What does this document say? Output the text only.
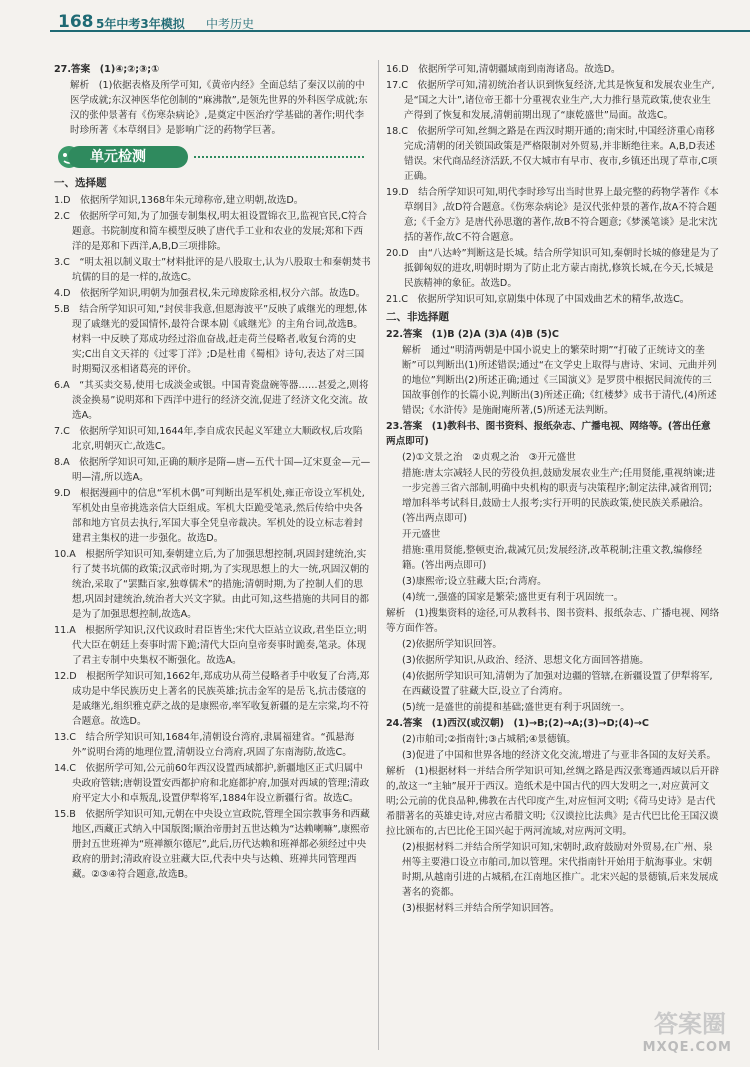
168 5年中考3年模拟 中考历史

27.答案　(1)④;②;③;①

解析　(1)依据表格及所学可知,《黄帝内经》全面总结了秦汉以前的中医学成就;东汉神医华佗创制的“麻沸散”,是领先世界的外科医学成就;东汉的张仲景著有《伤寒杂病论》,是奠定中医治疗学基础的著作;明代李时珍所著《本草纲目》是影响广泛的药物学巨著。

单元检测

一、选择题

1.D　依据所学知识,1368年朱元璋称帝,建立明朝,故选D。

2.C　依据所学可知,为了加强专制集权,明太祖设置锦衣卫,监视官民,C符合题意。书院制度和简车模型反映了唐代手工业和农业的发展;郑和下西洋的是郑和下西洋,A,B,D三项排除。

3.C　“明太祖以制义取士”材料批评的是八股取士,认为八股取士和秦朝焚书坑儒的目的是一样的,故选C。

4.D　依据所学知识,明朝为加强君权,朱元璋废除丞相,权分六部。故选D。

5.B　结合所学知识可知,“封侯非我意,但愿海波平”反映了戚继光的理想,体现了戚继光的爱国情怀,最符合课本剧《戚继光》的主角台词,故选B。材料一中反映了郑成功经过浴血奋战,赶走荷兰侵略者,收复台湾的史实;C出自文天祥的《过零丁洋》;D是杜甫《蜀相》诗句,表达了对三国时期蜀汉丞相诸葛亮的评价。

6.A　“其买卖交易,使用七成淡金或银。中国青瓷盘碗等器……甚爱之,则将淡金换易”说明郑和下西洋中进行的经济交流,促进了经济文化交流。故选A。

7.C　依据所学知识可知,1644年,李自成农民起义军建立大顺政权,后攻陷北京,明朝灭亡,故选C。

8.A　依据所学知识可知,正确的顺序是隋—唐—五代十国—辽宋夏金—元—明—清,所以选A。

9.D　根据漫画中的信息“军机木偶”可判断出是军机处,雍正帝设立军机处,军机处由皇帝挑选亲信大臣组成。军机大臣跪受笔录,然后传给中央各部和地方官员去执行,军国大事全凭皇帝裁决。军机处的设立标志着封建君主集权的进一步强化。故选D。

10.A　根据所学知识可知,秦朝建立后,为了加强思想控制,巩固封建统治,实行了焚书坑儒的政策;汉武帝时期,为了实现思想上的大一统,巩固汉朝的统治,采取了“罢黜百家,独尊儒术”的措施;清朝时期,为了控制人们的思想,巩固封建统治,统治者大兴文字狱。由此可知,这些措施的共同目的都是为了加强思想控制,故选A。

11.A　根据所学知识,汉代议政时君臣皆坐;宋代大臣站立议政,君坐臣立;明代大臣在朝廷上奏事时需下跪;清代大臣向皇帝奏事时跪奏,笔录。体现了君主专制中央集权不断强化。故选A。

12.D　根据所学知识可知,1662年,郑成功从荷兰侵略者手中收复了台湾,郑成功是中华民族历史上著名的民族英雄;抗击金军的是岳飞,抗击倭寇的是戚继光,组织雅克萨之战的是康熙帝,率军收复新疆的是左宗棠,均不符合题意。故选D。

13.C　结合所学知识可知,1684年,清朝设台湾府,隶属福建省。“孤悬海外”说明台湾的地理位置,清朝设立台湾府,巩固了东南海防,故选C。

14.C　依据所学可知,公元前60年西汉设置西域都护,新疆地区正式归属中央政府管辖;唐朝设置安西都护府和北庭都护府,加强对西域的管理;清政府平定大小和卓叛乱,设置伊犁将军,1884年设立新疆行省。故选C。

15.B　依据所学知识可知,元朝在中央设立宣政院,管理全国宗教事务和西藏地区,西藏正式纳入中国版图;顺治帝册封五世达赖为“达赖喇嘛”,康熙帝册封五世班禅为“班禅额尔德尼”,此后,历代达赖和班禅都必须经过中央政府的册封;清政府设立驻藏大臣,代表中央与达赖、班禅共同管理西藏。②③④符合题意,故选B。

16.D　依据所学可知,清朝疆域南到南海诸岛。故选D。

17.C　依据所学可知,清初统治者认识到恢复经济,尤其是恢复和发展农业生产,是“国之大计”,诸位帝王都十分重视农业生产,大力推行垦荒政策,使农业生产得到了恢复和发展,清朝前期出现了“康乾盛世”局面。故选C。

18.C　依据所学可知,丝绸之路是在西汉时期开通的;南宋时,中国经济重心南移完成;清朝的闭关锁国政策是严格限制对外贸易,并非断绝往来。A,B,D表述错误。宋代商品经济活跃,不仅大城市有早市、夜市,乡镇还出现了草市,C项正确。

19.D　结合所学知识可知,明代李时珍写出当时世界上最完整的药物学著作《本草纲目》,故D符合题意。《伤寒杂病论》是汉代张仲景的著作,故A不符合题意;《千金方》是唐代孙思邈的著作,故B不符合题意;《梦溪笔谈》是北宋沈括的著作,故C不符合题意。

20.D　由“八达岭”判断这是长城。结合所学知识可知,秦朝时长城的修建是为了抵御匈奴的进攻,明朝时期为了防止北方蒙古南扰,修筑长城,在今天,长城是民族精神的象征。故选D。

21.C　依据所学知识可知,京剧集中体现了中国戏曲艺术的精华,故选C。

二、非选择题

22.答案　(1)B (2)A (3)A (4)B (5)C

解析　通过“明清两朝是中国小说史上的繁荣时期”“打破了正统诗文的垄断”可以判断出(1)所述错误;通过“在文学史上取得与唐诗、宋词、元曲并列的地位”判断出(2)所述正确;通过《三国演义》是罗贯中根据民间流传的三国故事创作的长篇小说,判断出(3)所述正确;《红楼梦》成书于清代,(4)所述错误;《水浒传》是施耐庵所著,(5)所述无法判断。

23.答案　(1)教科书、图书资料、报纸杂志、广播电视、网络等。(答出任意两点即可)

(2)①文景之治　②贞观之治　③开元盛世

措施:唐太宗减轻人民的劳役负担,鼓励发展农业生产;任用贤能,重视纳谏;进一步完善三省六部制,明确中央机构的职责与决策程序;制定法律,减省刑罚;增加科举考试科目,鼓励士人报考;实行开明的民族政策,使民族关系融洽。(答出两点即可)

开元盛世

措施:重用贤能,整顿吏治,裁减冗员;发展经济,改革税制;注重文教,编修经籍。(答出两点即可)

(3)康熙帝;设立驻藏大臣;台湾府。

(4)统一,强盛的国家是繁荣;盛世更有利于巩固统一。

解析　(1)搜集资料的途径,可从教科书、图书资料、报纸杂志、广播电视、网络等方面作答。

(2)依据所学知识回答。

(3)依据所学知识,从政治、经济、思想文化方面回答措施。

(4)依据所学知识可知,清朝为了加强对边疆的管辖,在新疆设置了伊犁将军,在西藏设置了驻藏大臣,设立了台湾府。

(5)统一是盛世的前提和基础;盛世更有利于巩固统一。

24.答案　(1)西汉(或汉朝)　(1)→B;(2)→A;(3)→D;(4)→C

(2)市舶司;②指南针;③占城稻;④景德镇。

(3)促进了中国和世界各地的经济文化交流,增进了与亚非各国的友好关系。

解析　(1)根据材料一并结合所学知识可知,丝绸之路是西汉张骞通西域以后开辟的,故这一“主轴”展开于西汉。造纸术是中国古代的四大发明之一,对应黄河文明;公元前的优良品种,佛教在古代印度产生,对应恒河文明;《荷马史诗》是古代希腊著名的英雄史诗,对应古希腊文明;《汉谟拉比法典》是古代巴比伦王国汉谟拉比颁布的,古巴比伦王国兴起于两河流域,对应两河文明。

(2)根据材料二并结合所学知识可知,宋朝时,政府鼓励对外贸易,在广州、泉州等主要港口设立市舶司,加以管理。宋代指南针开始用于航海事业。宋朝时期,从越南引进的占城稻,在江南地区推广。北宋兴起的景德镇,后来发展成著名的瓷都。

(3)根据材料三并结合所学知识回答。

答案圈
MXQE.COM
